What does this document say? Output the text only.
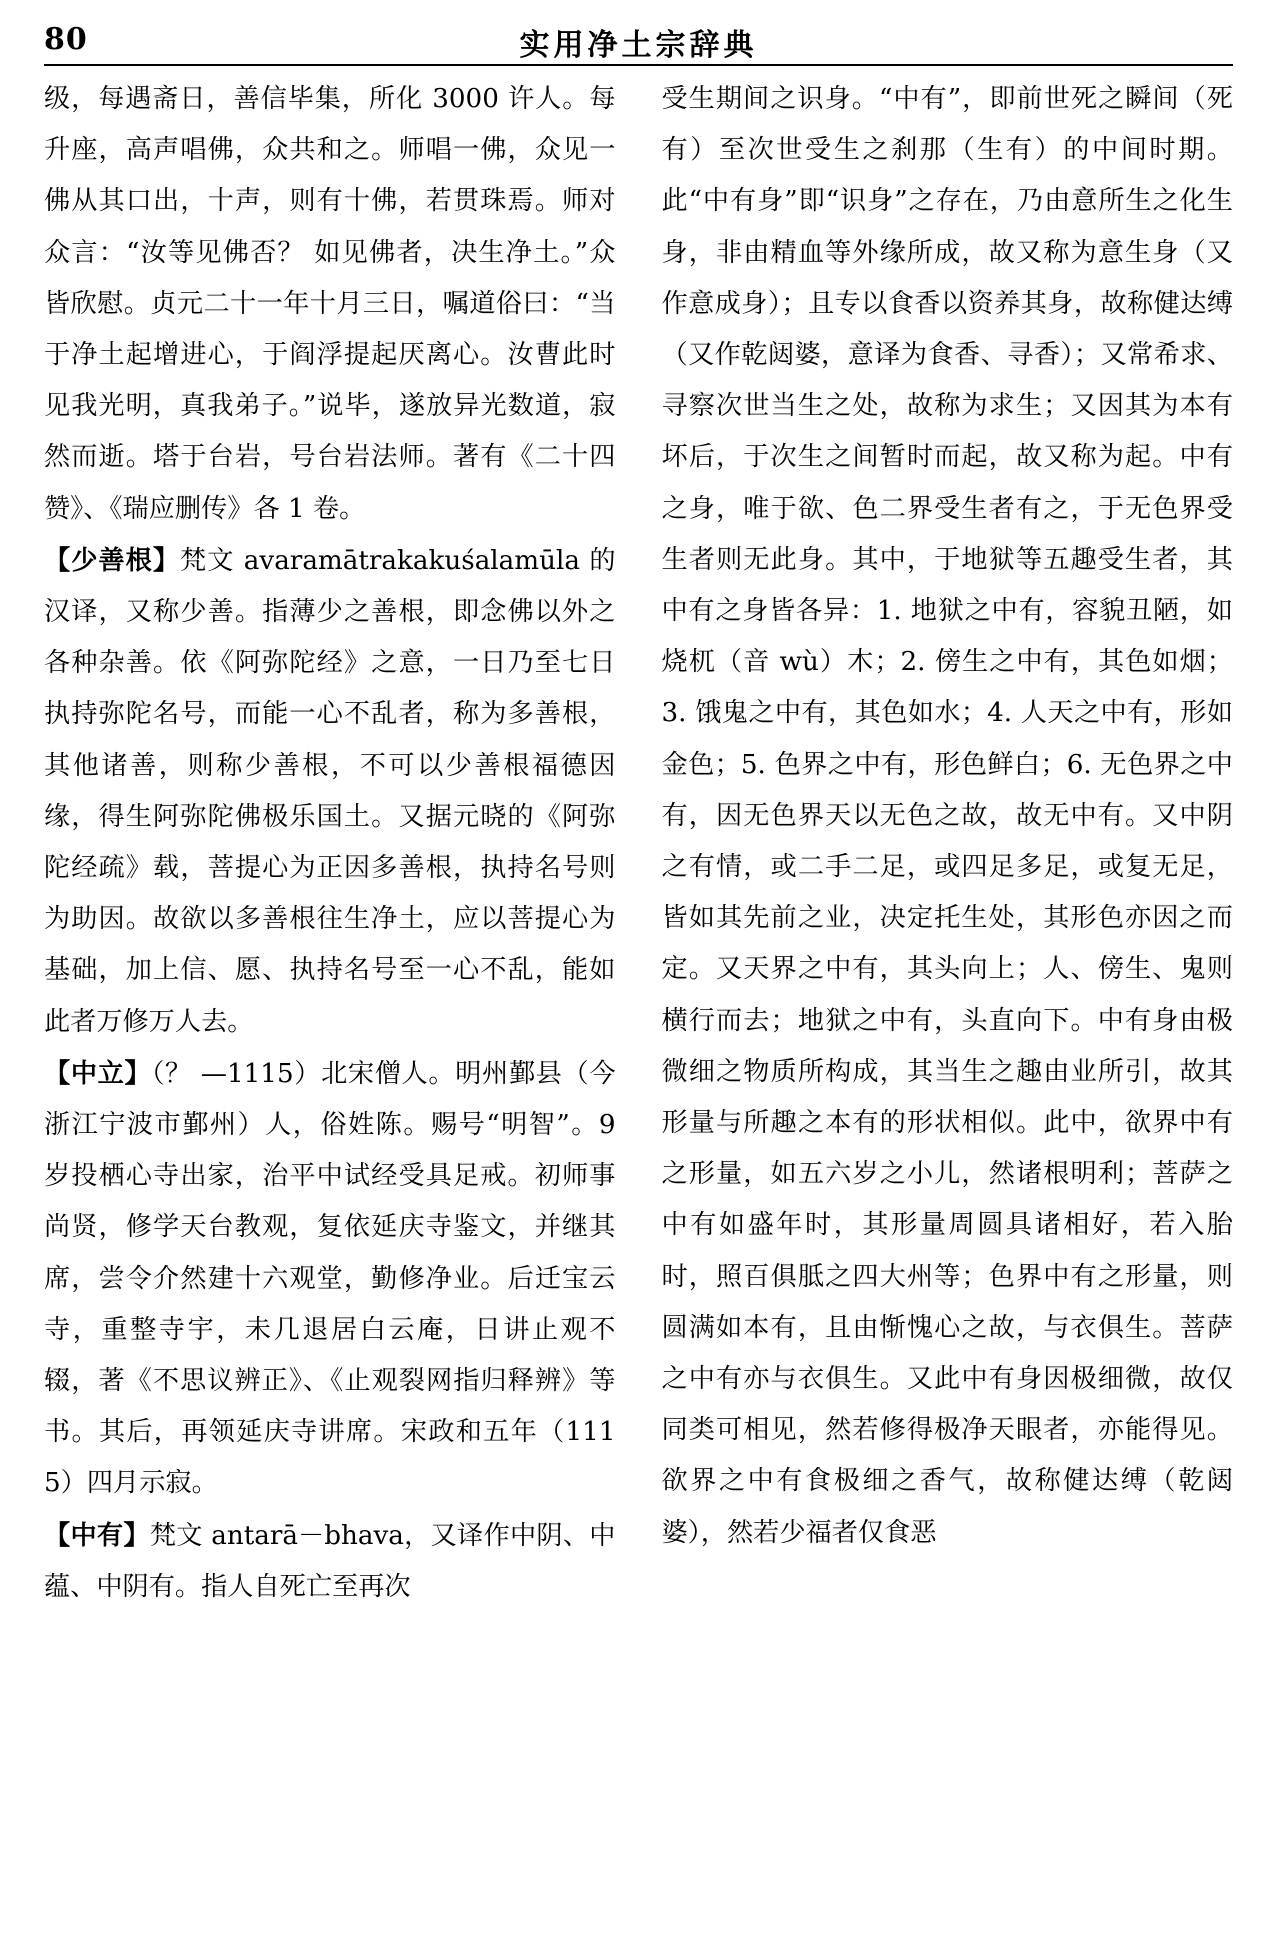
80	实用净土宗辞典

级，每遇斋日，善信毕集，所化 3000 许人。每升座，高声唱佛，众共和之。师唱一佛，众见一佛从其口出，十声，则有十佛，若贯珠焉。师对众言：“汝等见佛否？ 如见佛者，决生净土。”众皆欣慰。贞元二十一年十月三日，嘱道俗曰：“当于净土起增进心，于阎浮提起厌离心。汝曹此时见我光明，真我弟子。”说毕，遂放异光数道，寂然而逝。塔于台岩，号台岩法师。著有《二十四赞》、《瑞应删传》各 1 卷。

【少善根】梵文 avaramātrakakuśalamūla 的汉译，又称少善。指薄少之善根，即念佛以外之各种杂善。依《阿弥陀经》之意，一日乃至七日执持弥陀名号，而能一心不乱者，称为多善根，其他诸善，则称少善根，不可以少善根福德因缘，得生阿弥陀佛极乐国土。又据元晓的《阿弥陀经疏》载，菩提心为正因多善根，执持名号则为助因。故欲以多善根往生净土，应以菩提心为基础，加上信、愿、执持名号至一心不乱，能如此者万修万人去。

【中立】（？ —1115）北宋僧人。明州鄞县（今浙江宁波市鄞州）人，俗姓陈。赐号“明智”。9 岁投栖心寺出家，治平中试经受具足戒。初师事尚贤，修学天台教观，复依延庆寺鉴文，并继其席，尝令介然建十六观堂，勤修净业。后迁宝云寺，重整寺宇，未几退居白云庵，日讲止观不辍，著《不思议辨正》、《止观裂网指归释辨》等书。其后，再领延庆寺讲席。宋政和五年（1115）四月示寂。

【中有】梵文 antarā－bhava，又译作中阴、中蕴、中阴有。指人自死亡至再次

受生期间之识身。“中有”，即前世死之瞬间（死有）至次世受生之刹那（生有）的中间时期。此“中有身”即“识身”之存在，乃由意所生之化生身，非由精血等外缘所成，故又称为意生身（又作意成身）；且专以食香以资养其身，故称健达缚（又作乾闼婆，意译为食香、寻香）；又常希求、寻察次世当生之处，故称为求生；又因其为本有坏后，于次生之间暂时而起，故又称为起。中有之身，唯于欲、色二界受生者有之，于无色界受生者则无此身。其中，于地狱等五趣受生者，其中有之身皆各异：1. 地狱之中有，容貌丑陋，如烧杌（音 wù）木；2. 傍生之中有，其色如烟；3. 饿鬼之中有，其色如水；4. 人天之中有，形如金色；5. 色界之中有，形色鲜白；6. 无色界之中有，因无色界天以无色之故，故无中有。又中阴之有情，或二手二足，或四足多足，或复无足，皆如其先前之业，决定托生处，其形色亦因之而定。又天界之中有，其头向上；人、傍生、鬼则横行而去；地狱之中有，头直向下。中有身由极微细之物质所构成，其当生之趣由业所引，故其形量与所趣之本有的形状相似。此中，欲界中有之形量，如五六岁之小儿，然诸根明利；菩萨之中有如盛年时，其形量周圆具诸相好，若入胎时，照百俱胝之四大州等；色界中有之形量，则圆满如本有，且由惭愧心之故，与衣俱生。菩萨之中有亦与衣俱生。又此中有身因极细微，故仅同类可相见，然若修得极净天眼者，亦能得见。欲界之中有食极细之香气，故称健达缚（乾闼婆），然若少福者仅食恶
